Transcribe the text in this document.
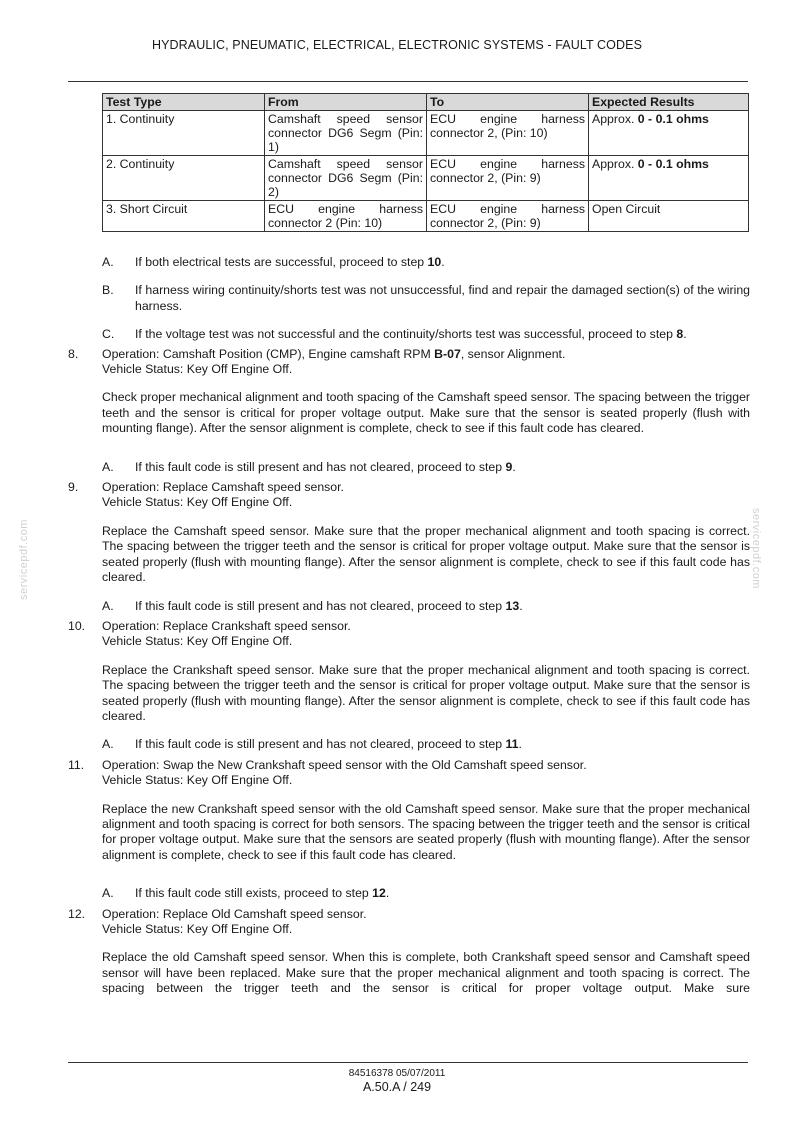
HYDRAULIC, PNEUMATIC, ELECTRICAL, ELECTRONIC SYSTEMS - FAULT CODES
Test Type	From	To	Expected Results
1. Continuity	Camshaft speed sensor connector DG6 Segm (Pin: 1)	ECU engine harness connector 2, (Pin: 10)	Approx. 0 - 0.1 ohms
2. Continuity	Camshaft speed sensor connector DG6 Segm (Pin: 2)	ECU engine harness connector 2, (Pin: 9)	Approx. 0 - 0.1 ohms
3. Short Circuit	ECU engine harness connector 2 (Pin: 10)	ECU engine harness connector 2, (Pin: 9)	Open Circuit
A. If both electrical tests are successful, proceed to step 10.
B. If harness wiring continuity/shorts test was not unsuccessful, find and repair the damaged section(s) of the wiring harness.
C. If the voltage test was not successful and the continuity/shorts test was successful, proceed to step 8.
8. Operation: Camshaft Position (CMP), Engine camshaft RPM B-07, sensor Alignment.
Vehicle Status: Key Off Engine Off.
Check proper mechanical alignment and tooth spacing of the Camshaft speed sensor. The spacing between the trigger teeth and the sensor is critical for proper voltage output. Make sure that the sensor is seated properly (flush with mounting flange). After the sensor alignment is complete, check to see if this fault code has cleared.
A. If this fault code is still present and has not cleared, proceed to step 9.
9. Operation: Replace Camshaft speed sensor.
Vehicle Status: Key Off Engine Off.
Replace the Camshaft speed sensor. Make sure that the proper mechanical alignment and tooth spacing is correct. The spacing between the trigger teeth and the sensor is critical for proper voltage output. Make sure that the sensor is seated properly (flush with mounting flange). After the sensor alignment is complete, check to see if this fault code has cleared.
A. If this fault code is still present and has not cleared, proceed to step 13.
10. Operation: Replace Crankshaft speed sensor.
Vehicle Status: Key Off Engine Off.
Replace the Crankshaft speed sensor. Make sure that the proper mechanical alignment and tooth spacing is correct. The spacing between the trigger teeth and the sensor is critical for proper voltage output. Make sure that the sensor is seated properly (flush with mounting flange). After the sensor alignment is complete, check to see if this fault code has cleared.
A. If this fault code is still present and has not cleared, proceed to step 11.
11. Operation: Swap the New Crankshaft speed sensor with the Old Camshaft speed sensor.
Vehicle Status: Key Off Engine Off.
Replace the new Crankshaft speed sensor with the old Camshaft speed sensor. Make sure that the proper mechanical alignment and tooth spacing is correct for both sensors. The spacing between the trigger teeth and the sensor is critical for proper voltage output. Make sure that the sensors are seated properly (flush with mounting flange). After the sensor alignment is complete, check to see if this fault code has cleared.
A. If this fault code still exists, proceed to step 12.
12. Operation: Replace Old Camshaft speed sensor.
Vehicle Status: Key Off Engine Off.
Replace the old Camshaft speed sensor. When this is complete, both Crankshaft speed sensor and Camshaft speed sensor will have been replaced. Make sure that the proper mechanical alignment and tooth spacing is correct. The spacing between the trigger teeth and the sensor is critical for proper voltage output. Make sure
84516378 05/07/2011
A.50.A / 249
servicepdf.com	servicepdf.com
